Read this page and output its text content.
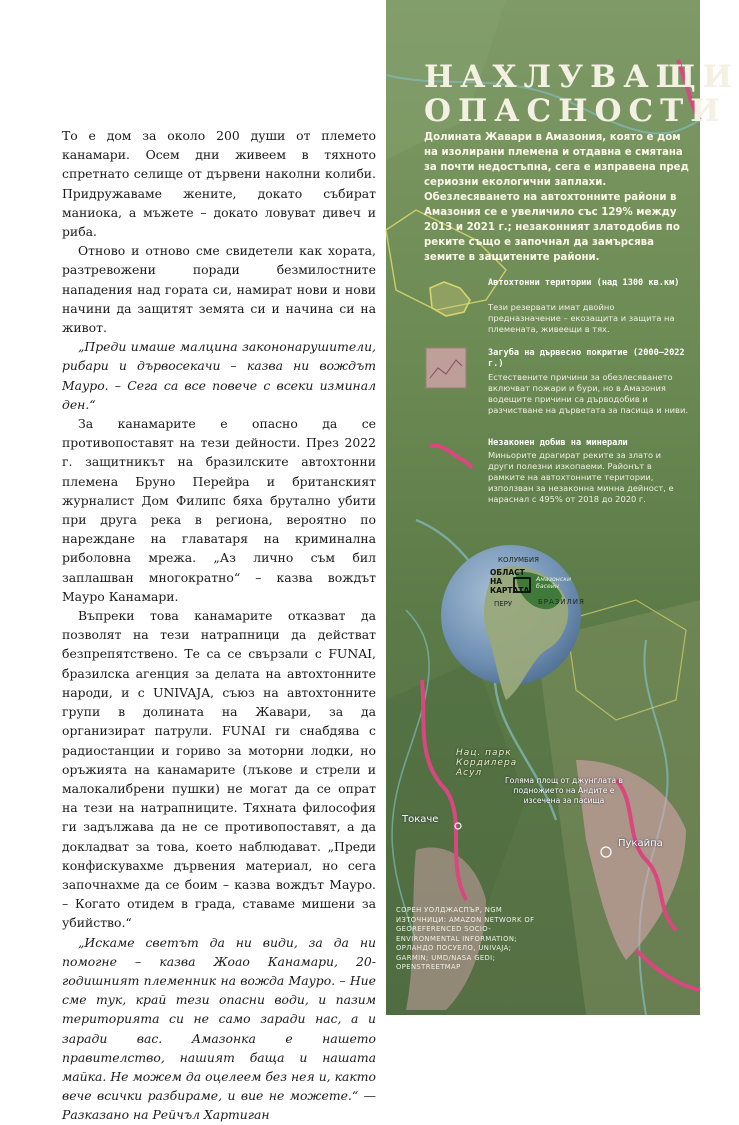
То е дом за около 200 души от племето канамари. Осем дни живеем в тяхното спретнато селище от дървени наколни колиби. Придружаваме жените, докато събират маниока, а мъжете – докато ловуват дивеч и риба.

Отново и отново сме свидетели как хората, разтревожени поради безмилостните нападения над гората си, намират нови и нови начини да защитят земята си и начина си на живот.

„Преди имаше малцина закононарушители, рибари и дървосекачи – казва ни вождът Мауро. – Сега са все повече с всеки изминал ден.“

За канамарите е опасно да се противопоставят на тези дейности. През 2022 г. защитникът на бразилските автохтонни племена Бруно Перейра и британският журналист Дом Филипс бяха брутално убити при друга река в региона, вероятно по нареждане на главатаря на криминална риболовна мрежа. „Аз лично съм бил заплашван многократно“ – казва вождът Мауро Канамари.

Въпреки това канамарите отказват да позволят на тези натрапници да действат безпрепятствено. Те са се свързали с FUNAI, бразилска агенция за делата на автохтонните народи, и с UNIVAJA, съюз на автохтонните групи в долината на Жавари, за да организират патрули. FUNAI ги снабдява с радиостанции и гориво за моторни лодки, но оръжията на канамарите (лъкове и стрели и малокалибрени пушки) не могат да се опрат на тези на натрапниците. Тяхната философия ги задължава да не се противопоставят, а да докладват за това, което наблюдават. „Преди конфискувахме дървения материал, но сега започнахме да се боим – казва вождът Мауро. – Когато отидем в града, ставаме мишени за убийство.“

„Искаме светът да ни види, за да ни помогне – казва Жоао Канамари, 20-годишният племенник на вожда Мауро. – Ние сме тук, край тези опасни води, и пазим територията си не само заради нас, а и заради вас. Амазонка е нашето правителство, нашият баща и нашата майка. Не можем да оцелеем без нея и, както вече всички разбираме, и вие не можете.“ —Разказано на Рейчъл Хартиган

НАХЛУВАЩИ
ОПАСНОСТИ
Долината Жавари в Амазония, която е дом на изолирани племена и отдавна е смятана за почти недостъпна, сега е изправена пред сериозни екологични заплахи. Обезлесяването на автохтонните райони в Амазония се е увеличило със 129% между 2013 и 2021 г.; незаконният златодобив по реките също е започнал да замърсява земите в защитените райони.
Автохтонни територии (над 1300 кв.км)
Тези резервати имат двойно предназначение – екозащита и защита на племената, живеещи в тях.
Загуба на дървесно покритие (2000–2022 г.)
Естествените причини за обезлесяването включват пожари и бури, но в Амазония водещите причини са дърводобив и разчистване на дърветата за пасища и ниви.
Незаконен добив на минерали
Миньорите драгират реките за злато и други полезни изкопаеми. Районът в рамките на автохтонните територии, използван за незаконна минна дейност, е нараснал с 495% от 2018 до 2020 г.
ОБЛАСТ НА КАРТАТА
КОЛУМБИЯ
ПЕРУ	БРАЗИЛИЯ
Амазонски басейн
Нац. парк Кордилера Асул
Токаче
Пукайпа
Голяма площ от джунглата в подножието на Андите е изсечена за пасища
СОРЕН УОЛДЖАСПЪР, NGM
ИЗТОЧНИЦИ: AMAZON NETWORK OF GEOREFERENCED SOCIO-ENVIRONMENTAL INFORMATION; ОРЛАНДО ПОСУЕЛО, UNIVAJA; GARMIN; UMD/NASA GEDI; OPENSTREETMAP
